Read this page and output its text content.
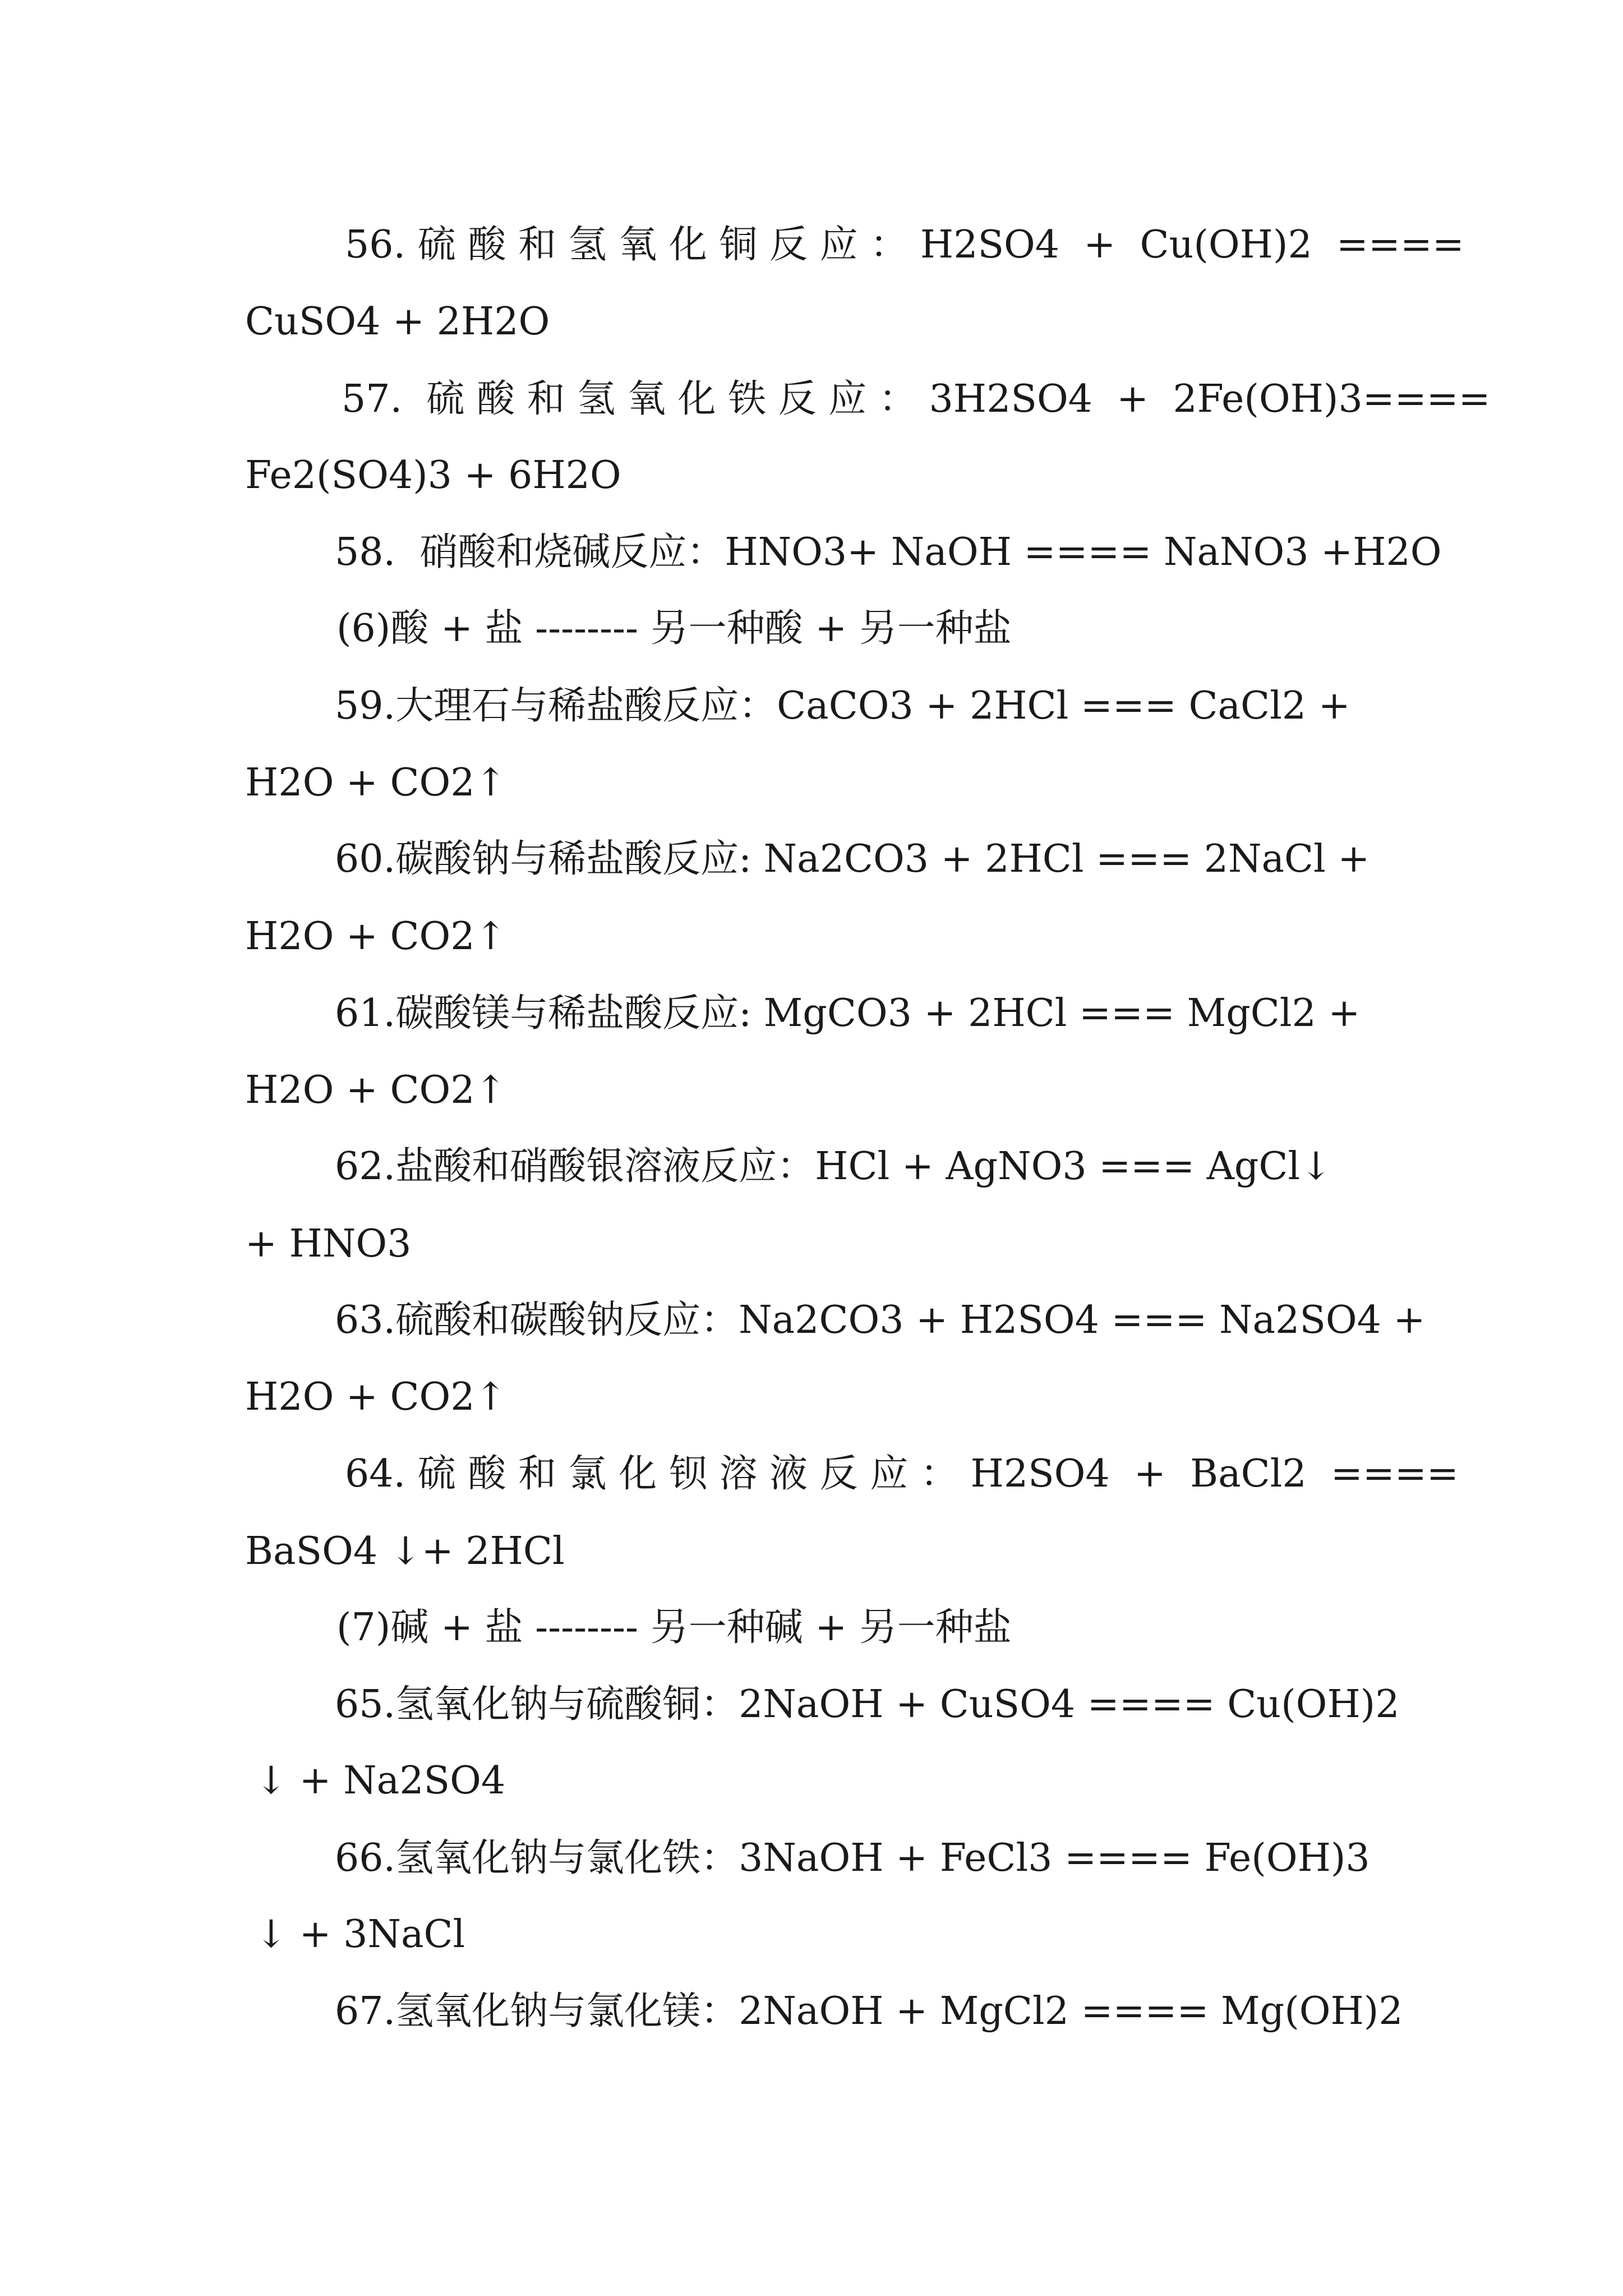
56. 硫 酸 和 氢 氧 化 铜 反 应 ： H2SO4  +  Cu(OH)2  ====
CuSO4 + 2H2O
57.  硫 酸 和 氢 氧 化 铁 反 应 ： 3H2SO4  +  2Fe(OH)3====
Fe2(SO4)3 + 6H2O
58.  硝酸和烧碱反应：HNO3+ NaOH ==== NaNO3 +H2O
(6)酸 + 盐 -------- 另一种酸 + 另一种盐
59.大理石与稀盐酸反应：CaCO3 + 2HCl === CaCl2 +
H2O + CO2↑
60.碳酸钠与稀盐酸反应: Na2CO3 + 2HCl === 2NaCl +
H2O + CO2↑
61.碳酸镁与稀盐酸反应: MgCO3 + 2HCl === MgCl2 +
H2O + CO2↑
62.盐酸和硝酸银溶液反应：HCl + AgNO3 === AgCl↓
+ HNO3
63.硫酸和碳酸钠反应：Na2CO3 + H2SO4 === Na2SO4 +
H2O + CO2↑
64. 硫 酸 和 氯 化 钡 溶 液 反 应 ： H2SO4  +  BaCl2  ====
BaSO4 ↓+ 2HCl
(7)碱 + 盐 -------- 另一种碱 + 另一种盐
65.氢氧化钠与硫酸铜：2NaOH + CuSO4 ==== Cu(OH)2
↓ + Na2SO4
66.氢氧化钠与氯化铁：3NaOH + FeCl3 ==== Fe(OH)3
↓ + 3NaCl
67.氢氧化钠与氯化镁：2NaOH + MgCl2 ==== Mg(OH)2
